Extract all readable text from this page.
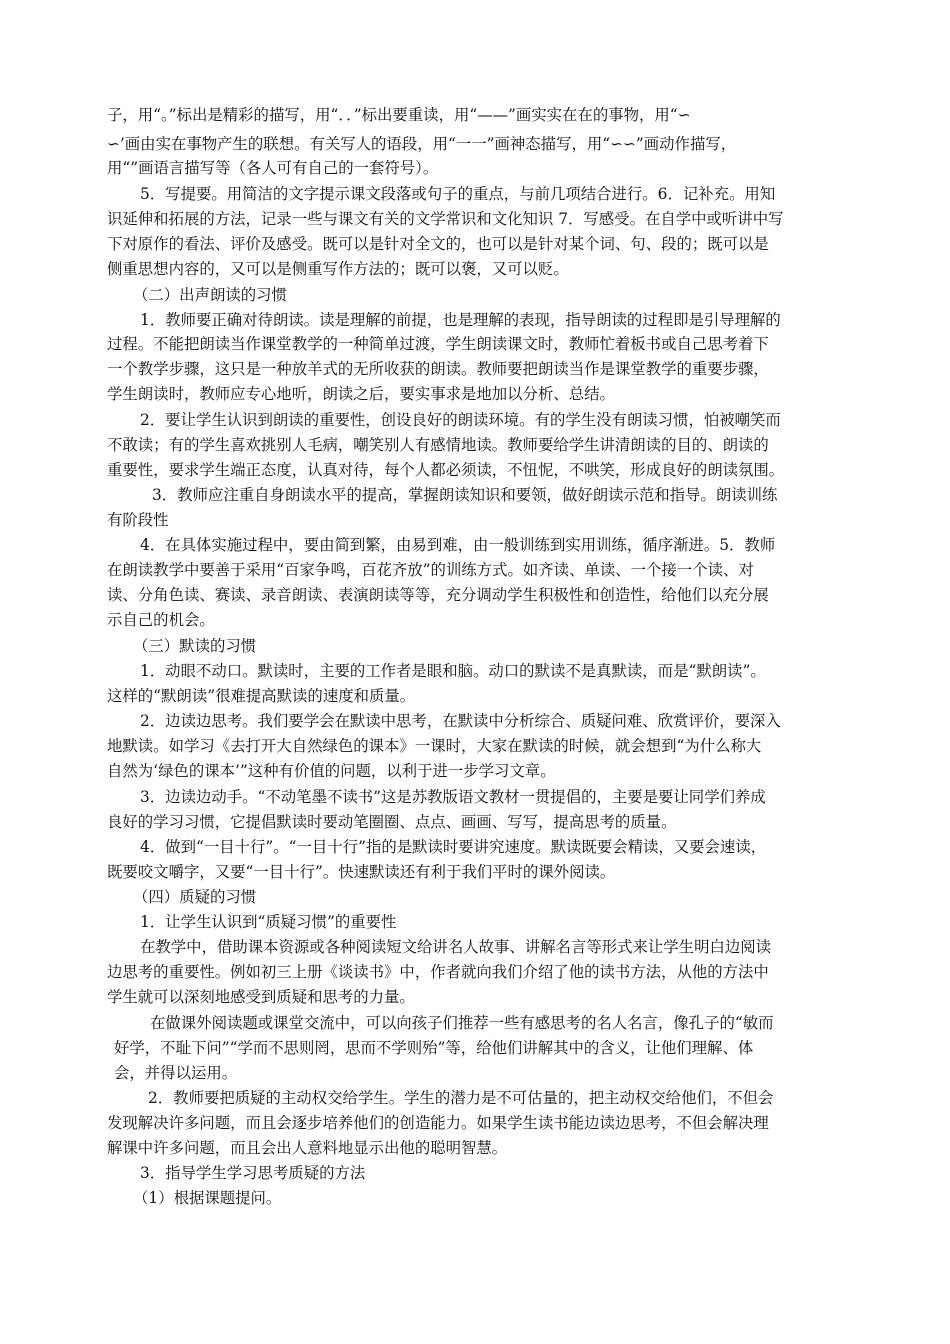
子，用“。”标出是精彩的描写，用“．．”标出要重读，用“——”画实实在在的事物，用“∽

∽’画由实在事物产生的联想。有关写人的语段，用“一一”画神态描写，用“∽∽”画动作描写，

用“”画语言描写等（各人可有自己的一套符号）。

5．写提要。用简洁的文字提示课文段落或句子的重点，与前几项结合进行。6．记补充。用知

识延伸和拓展的方法，记录一些与课文有关的文学常识和文化知识 7．写感受。在自学中或听讲中写

下对原作的看法、评价及感受。既可以是针对全文的，也可以是针对某个词、句、段的；既可以是

侧重思想内容的，又可以是侧重写作方法的；既可以褒，又可以贬。

（二）出声朗读的习惯

1．教师要正确对待朗读。读是理解的前提，也是理解的表现，指导朗读的过程即是引导理解的

过程。不能把朗读当作课堂教学的一种简单过渡，学生朗读课文时，教师忙着板书或自己思考着下

一个教学步骤，这只是一种放羊式的无所收获的朗读。教师要把朗读当作是课堂教学的重要步骤，

学生朗读时，教师应专心地听，朗读之后，要实事求是地加以分析、总结。

2．要让学生认识到朗读的重要性，创设良好的朗读环境。有的学生没有朗读习惯，怕被嘲笑而

不敢读；有的学生喜欢挑别人毛病，嘲笑别人有感情地读。教师要给学生讲清朗读的目的、朗读的

重要性，要求学生端正态度，认真对待，每个人都必须读，不忸怩，不哄笑，形成良好的朗读氛围。

3．教师应注重自身朗读水平的提高，掌握朗读知识和要领，做好朗读示范和指导。朗读训练

有阶段性

4．在具体实施过程中，要由简到繁，由易到难，由一般训练到实用训练，循序渐进。5．教师

在朗读教学中要善于采用“百家争鸣，百花齐放”的训练方式。如齐读、单读、一个接一个读、对

读、分角色读、赛读、录音朗读、表演朗读等等，充分调动学生积极性和创造性，给他们以充分展

示自己的机会。

（三）默读的习惯

1．动眼不动口。默读时，主要的工作者是眼和脑。动口的默读不是真默读，而是“默朗读”。

这样的“默朗读”很难提高默读的速度和质量。

2．边读边思考。我们要学会在默读中思考，在默读中分析综合、质疑问难、欣赏评价，要深入

地默读。如学习《去打开大自然绿色的课本》一课时，大家在默读的时候，就会想到“为什么称大

自然为‘绿色的课本’”这种有价值的问题，以利于进一步学习文章。

3．边读边动手。“不动笔墨不读书”这是苏教版语文教材一贯提倡的，主要是要让同学们养成

良好的学习习惯，它提倡默读时要动笔圈圈、点点、画画、写写，提高思考的质量。

4．做到“一目十行”。“一目十行”指的是默读时要讲究速度。默读既要会精读，又要会速读，

既要咬文嚼字，又要“一目十行”。快速默读还有利于我们平时的课外阅读。

（四）质疑的习惯

1．让学生认识到“质疑习惯”的重要性

在教学中，借助课本资源或各种阅读短文给讲名人故事、讲解名言等形式来让学生明白边阅读

边思考的重要性。例如初三上册《谈读书》中，作者就向我们介绍了他的读书方法，从他的方法中

学生就可以深刻地感受到质疑和思考的力量。

在做课外阅读题或课堂交流中，可以向孩子们推荐一些有感思考的名人名言，像孔子的“敏而

好学，不耻下问”“学而不思则罔，思而不学则殆”等，给他们讲解其中的含义，让他们理解、体

会，并得以运用。

2．教师要把质疑的主动权交给学生。学生的潜力是不可估量的，把主动权交给他们，不但会

发现解决许多问题，而且会逐步培养他们的创造能力。如果学生读书能边读边思考，不但会解决理

解课中许多问题，而且会出人意料地显示出他的聪明智慧。

3．指导学生学习思考质疑的方法

（1）根据课题提问。
